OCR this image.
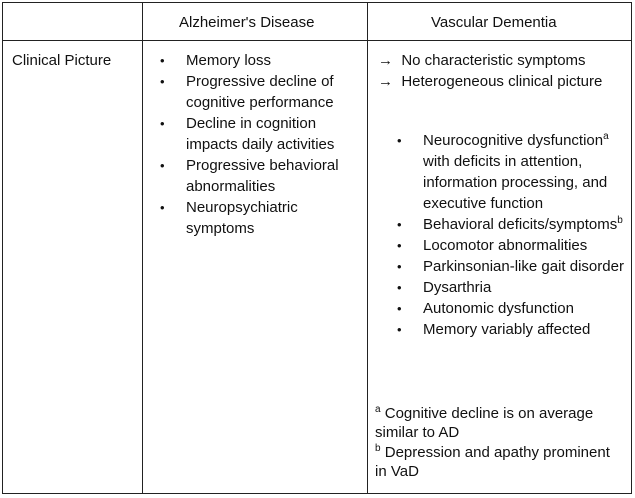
Alzheimer's Disease	Vascular Dementia
Clinical Picture	• Memory loss
• Progressive decline of cognitive performance
• Decline in cognition impacts daily activities
• Progressive behavioral abnormalities
• Neuropsychiatric symptoms
→ No characteristic symptoms
→ Heterogeneous clinical picture
• Neurocognitive dysfunction$^a$ with deficits in attention, information processing, and executive function
• Behavioral deficits/symptoms$^b$
• Locomotor abnormalities
• Parkinsonian-like gait disorder
• Dysarthria
• Autonomic dysfunction
• Memory variably affected
$^a$ Cognitive decline is on average similar to AD
$^b$ Depression and apathy prominent in VaD
